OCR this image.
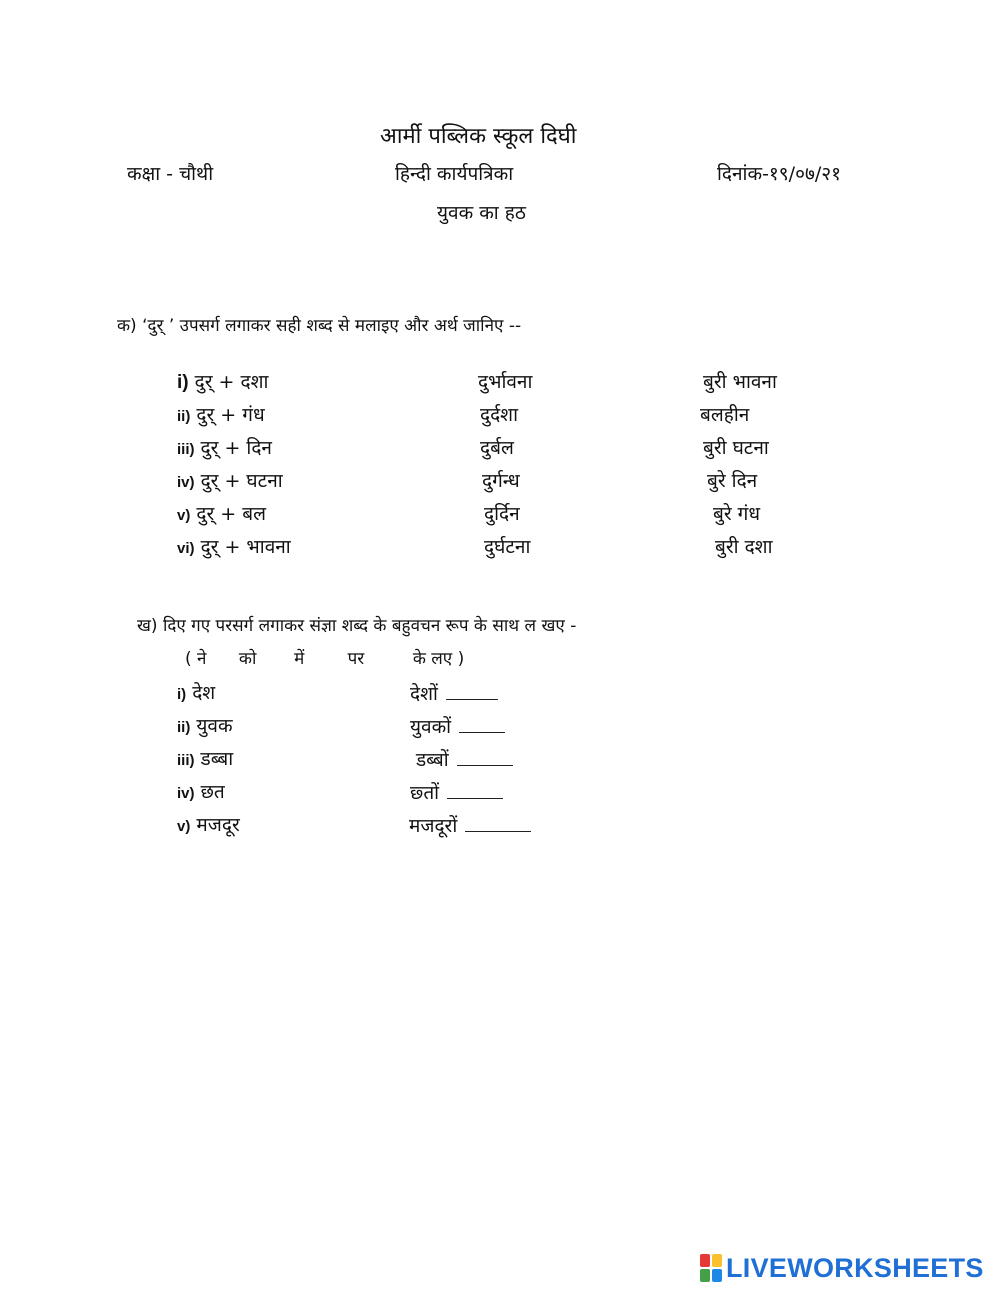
आर्मी पब्लिक स्कूल दिघी
कक्षा - चौथी	हिन्दी कार्यपत्रिका	दिनांक-१९/०७/२१
युवक का हठ
क) ‘दुर् ’ उपसर्ग लगाकर सही शब्द से मलाइए और अर्थ जानिए --
i) दुर् + दशा	दुर्भावना	बुरी भावना
ii) दुर् + गंध	दुर्दशा	बलहीन
iii) दुर् + दिन	दुर्बल	बुरी घटना
iv) दुर् + घटना	दुर्गन्ध	बुरे दिन
v) दुर् + बल	दुर्दिन	बुरे गंध
vi) दुर् + भावना	दुर्घटना	बुरी दशा
ख) दिए गए परसर्ग लगाकर संज्ञा शब्द के बहुवचन रूप के साथ ल खए -
( ने      को       में        पर         के लए )
i) देश	देशों
ii) युवक	युवकों
iii) डब्बा	डब्बों
iv) छत	छ्तों
v) मजदूर	मजदूरों
LIVEWORKSHEETS
